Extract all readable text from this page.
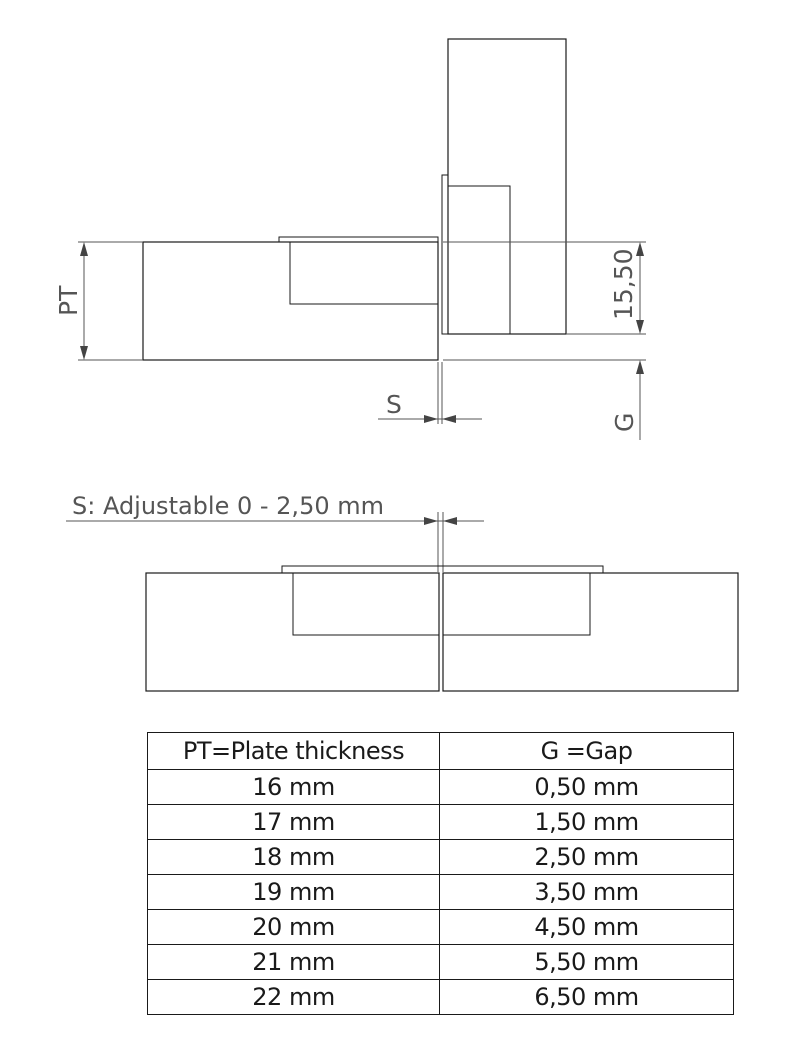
PT	15,50
G
S
S: Adjustable 0 - 2,50 mm
PT=Plate thickness	G =Gap
16 mm	0,50 mm
17 mm	1,50 mm
18 mm	2,50 mm
19 mm	3,50 mm
20 mm	4,50 mm
21 mm	5,50 mm
22 mm	6,50 mm
